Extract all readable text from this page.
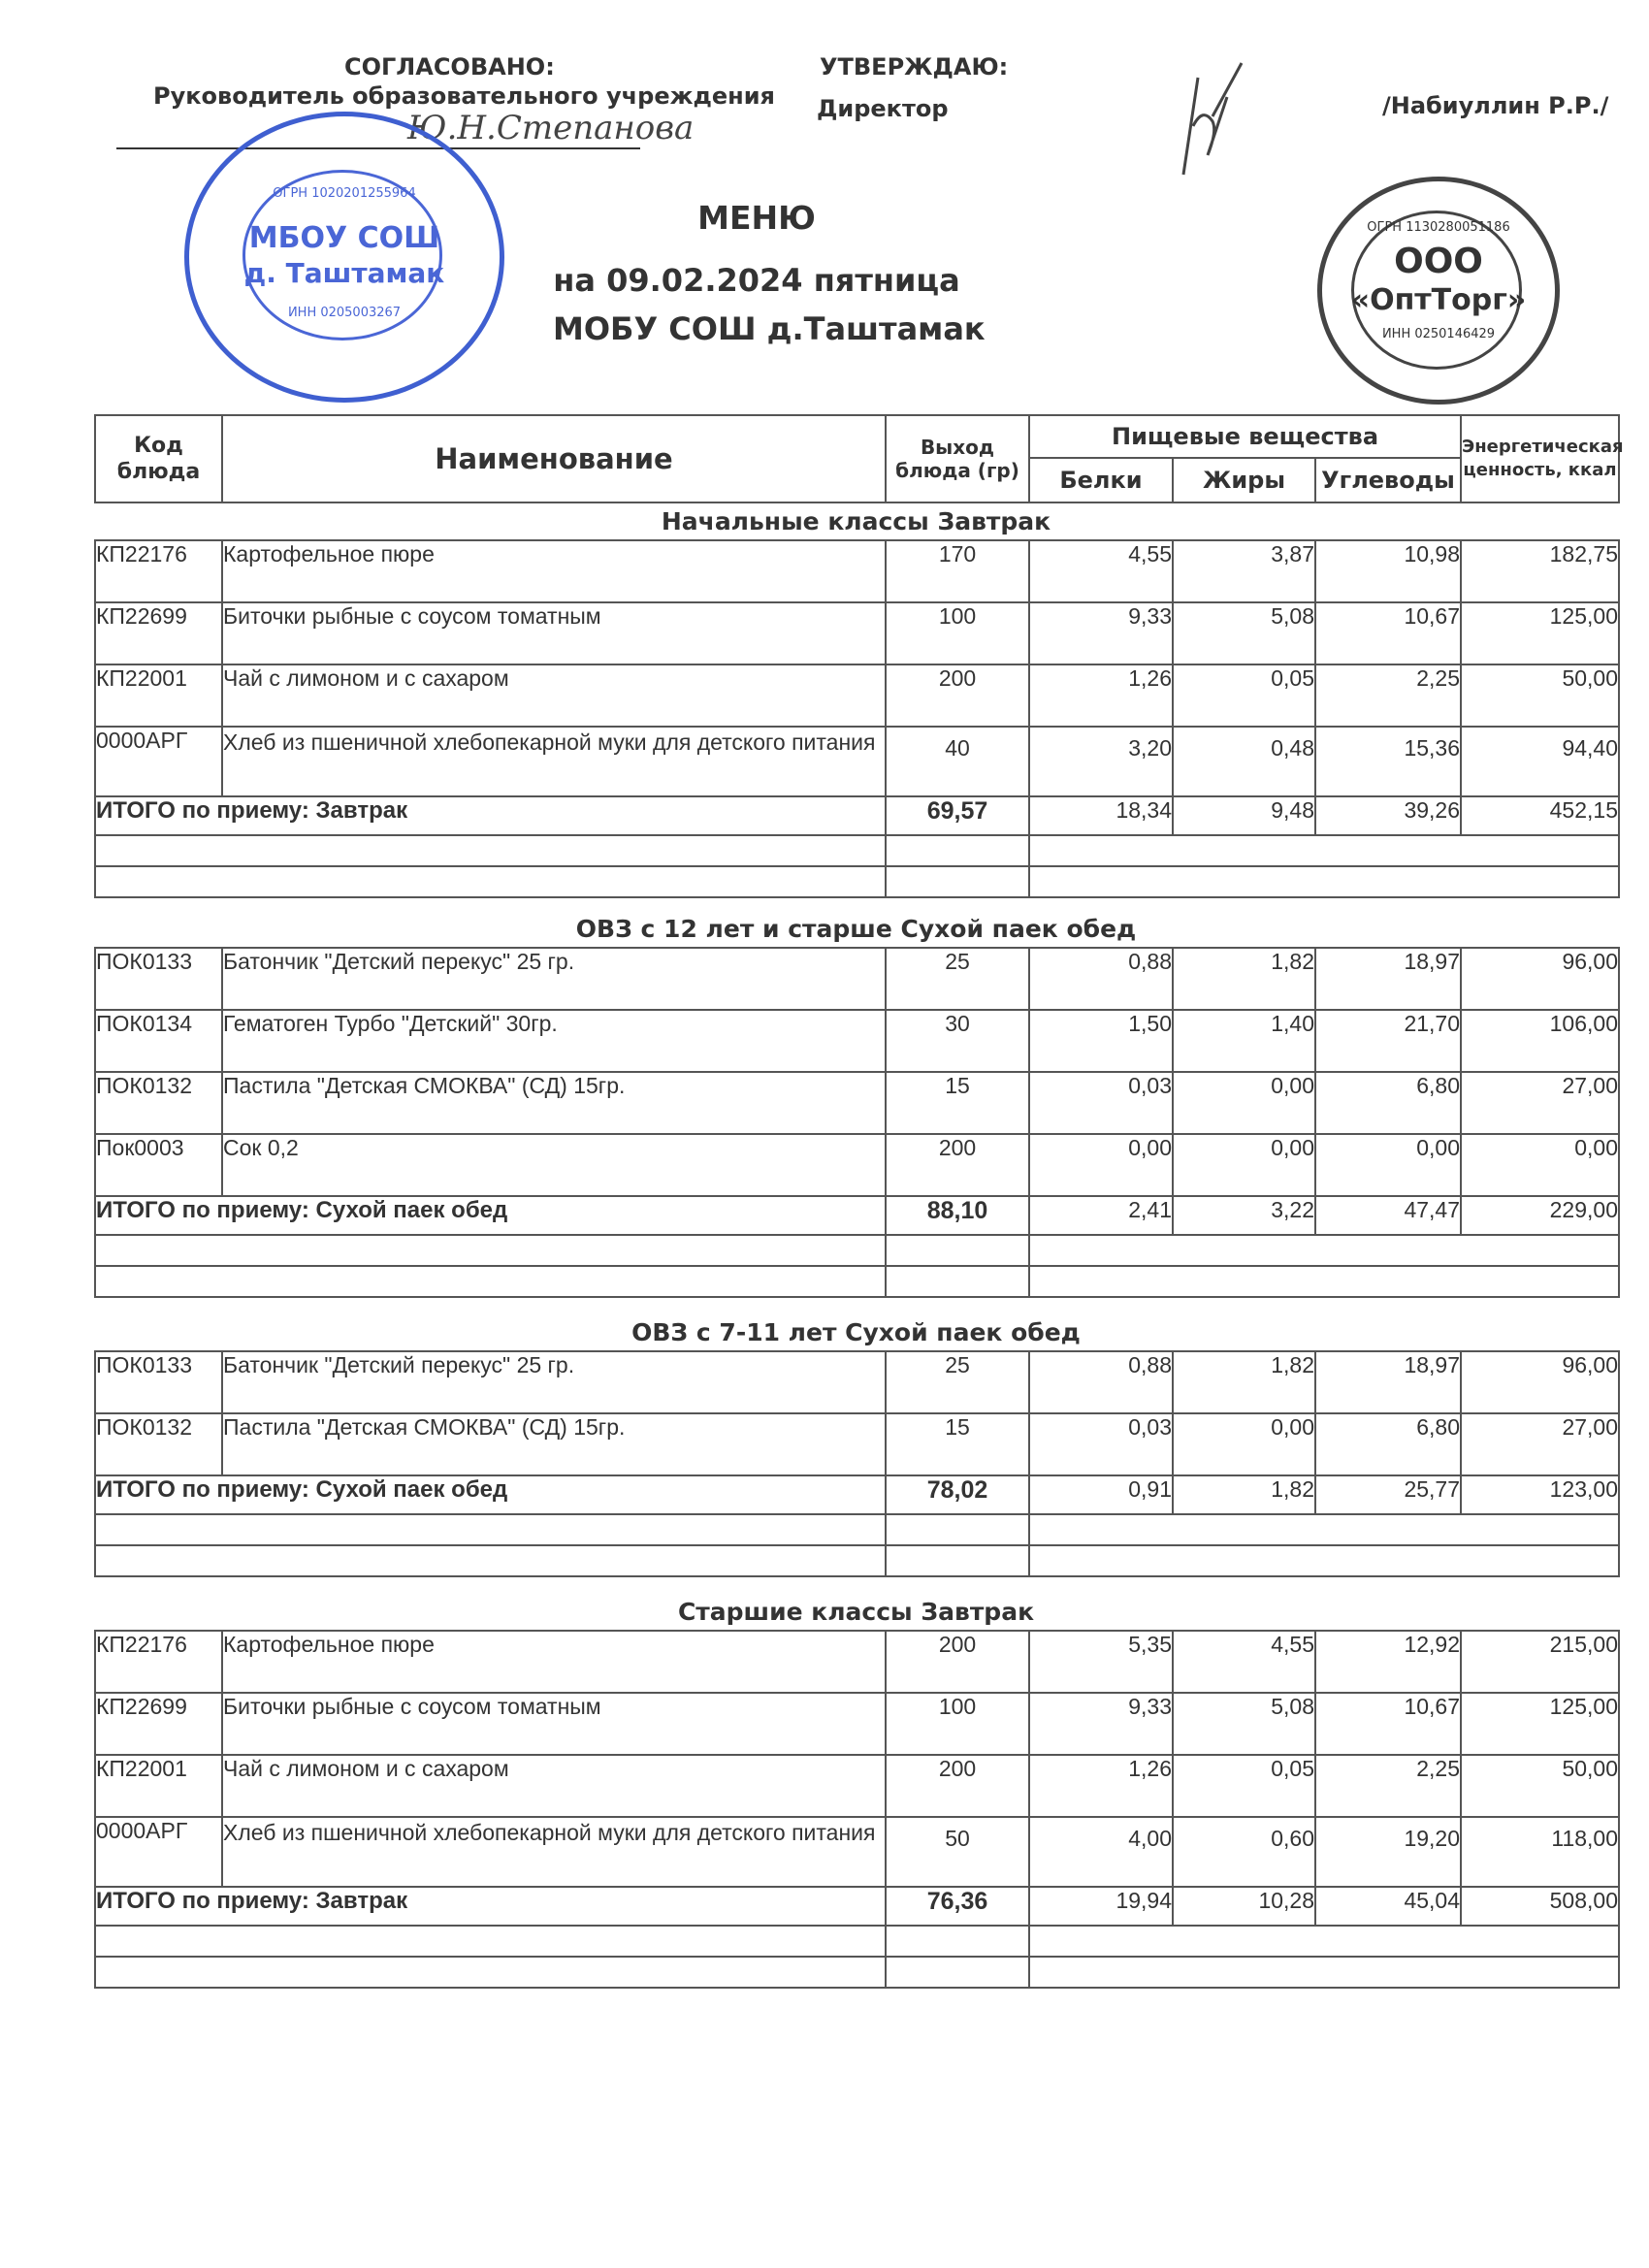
СОГЛАСОВАНО:
Руководитель образовательного учреждения
Ю.Н.Степанова
УТВЕРЖДАЮ:
Директор	/Набиуллин Р.Р./
МБОУ СОШ
д. Таштамак
ОГРН 1020201255964
ИНН 0205003267
ООО
«ОптТорг»
ОГРН 1130280051186
ИНН 0250146429
МЕНЮ
на 09.02.2024 пятница
МОБУ СОШ д.Таштамак
Код блюда	Наименование	Выход блюда (гр)	Пищевые вещества			Энергетическая ценность, ккал
			Белки	Жиры	Углеводы	
Начальные классы Завтрак
КП22176	Картофельное пюре	170	4,55	3,87	10,98	182,75
КП22699	Биточки рыбные с соусом томатным	100	9,33	5,08	10,67	125,00
КП22001	Чай с лимоном и с сахаром	200	1,26	0,05	2,25	50,00
0000АРГ	Хлеб из пшеничной хлебопекарной муки для детского питания	40	3,20	0,48	15,36	94,40
ИТОГО по приему: Завтрак		69,57	18,34	9,48	39,26	452,15

ОВЗ с 12 лет и старше Сухой паек обед
ПОК0133	Батончик "Детский перекус" 25 гр.	25	0,88	1,82	18,97	96,00
ПОК0134	Гематоген Турбо "Детский" 30гр.	30	1,50	1,40	21,70	106,00
ПОК0132	Пастила "Детская СМОКВА" (СД) 15гр.	15	0,03	0,00	6,80	27,00
Пок0003	Сок 0,2	200	0,00	0,00	0,00	0,00
ИТОГО по приему: Сухой паек обед		88,10	2,41	3,22	47,47	229,00

ОВЗ с 7-11 лет Сухой паек обед
ПОК0133	Батончик "Детский перекус" 25 гр.	25	0,88	1,82	18,97	96,00
ПОК0132	Пастила "Детская СМОКВА" (СД) 15гр.	15	0,03	0,00	6,80	27,00
ИТОГО по приему: Сухой паек обед		78,02	0,91	1,82	25,77	123,00

Старшие классы Завтрак
КП22176	Картофельное пюре	200	5,35	4,55	12,92	215,00
КП22699	Биточки рыбные с соусом томатным	100	9,33	5,08	10,67	125,00
КП22001	Чай с лимоном и с сахаром	200	1,26	0,05	2,25	50,00
0000АРГ	Хлеб из пшеничной хлебопекарной муки для детского питания	50	4,00	0,60	19,20	118,00
ИТОГО по приему: Завтрак		76,36	19,94	10,28	45,04	508,00
